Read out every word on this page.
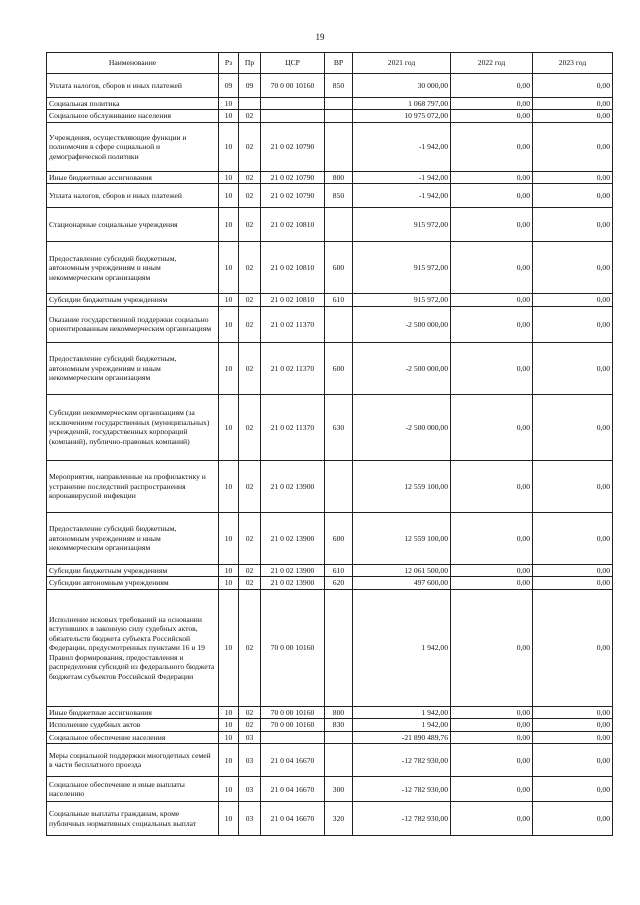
19
Наименование	Рз	Пр	ЦСР	ВР	2021 год	2022 год	2023 год
Уплата налогов, сборов и иных платежей	09	09	70 0 00 10160	850	30 000,00	0,00	0,00
Социальная политика	10				1 068 797,00	0,00	0,00
Социальное обслуживание населения	10	02			10 975 072,00	0,00	0,00
Учреждения, осуществляющие функции и полномочия в сфере социальной и демографической политики	10	02	21 0 02 10790		-1 942,00	0,00	0,00
Иные бюджетные ассигнования	10	02	21 0 02 10790	800	-1 942,00	0,00	0,00
Уплата налогов, сборов и иных платежей	10	02	21 0 02 10790	850	-1 942,00	0,00	0,00
Стационарные социальные учреждения	10	02	21 0 02 10810		915 972,00	0,00	0,00
Предоставление субсидий бюджетным, автономным учреждениям и иным некоммерческим организациям	10	02	21 0 02 10810	600	915 972,00	0,00	0,00
Субсидии бюджетным учреждениям	10	02	21 0 02 10810	610	915 972,00	0,00	0,00
Оказание государственной поддержки социально ориентированным некоммерческим организациям	10	02	21 0 02 11370		-2 500 000,00	0,00	0,00
Предоставление субсидий бюджетным, автономным учреждениям и иным некоммерческим организациям	10	02	21 0 02 11370	600	-2 500 000,00	0,00	0,00
Субсидии некоммерческим организациям (за исключением государственных (муниципальных) учреждений, государственных корпораций (компаний), публично-правовых компаний)	10	02	21 0 02 11370	630	-2 500 000,00	0,00	0,00
Мероприятия, направленные на профилактику и устранение последствий распространения коронавирусной инфекции	10	02	21 0 02 13900		12 559 100,00	0,00	0,00
Предоставление субсидий бюджетным, автономным учреждениям и иным некоммерческим организациям	10	02	21 0 02 13900	600	12 559 100,00	0,00	0,00
Субсидии бюджетным учреждениям	10	02	21 0 02 13900	610	12 061 500,00	0,00	0,00
Субсидии автономным учреждениям	10	02	21 0 02 13900	620	497 600,00	0,00	0,00
Исполнение исковых требований на основании вступивших в законную силу судебных актов, обязательств бюджета субъекта Российской Федерации, предусмотренных пунктами 16 и 19 Правил формирования, предоставления и распределения субсидий из федерального бюджета бюджетам субъектов Российской Федерации	10	02	70 0 00 10160		1 942,00	0,00	0,00
Иные бюджетные ассигнования	10	02	70 0 00 10160	800	1 942,00	0,00	0,00
Исполнение судебных актов	10	02	70 0 00 10160	830	1 942,00	0,00	0,00
Социальное обеспечение населения	10	03			-21 890 489,76	0,00	0,00
Меры социальной поддержки многодетных семей в части бесплатного проезда	10	03	21 0 04 16670		-12 782 930,00	0,00	0,00
Социальное обеспечение и иные выплаты населению	10	03	21 0 04 16670	300	-12 782 930,00	0,00	0,00
Социальные выплаты гражданам, кроме публичных нормативных социальных выплат	10	03	21 0 04 16670	320	-12 782 930,00	0,00	0,00
